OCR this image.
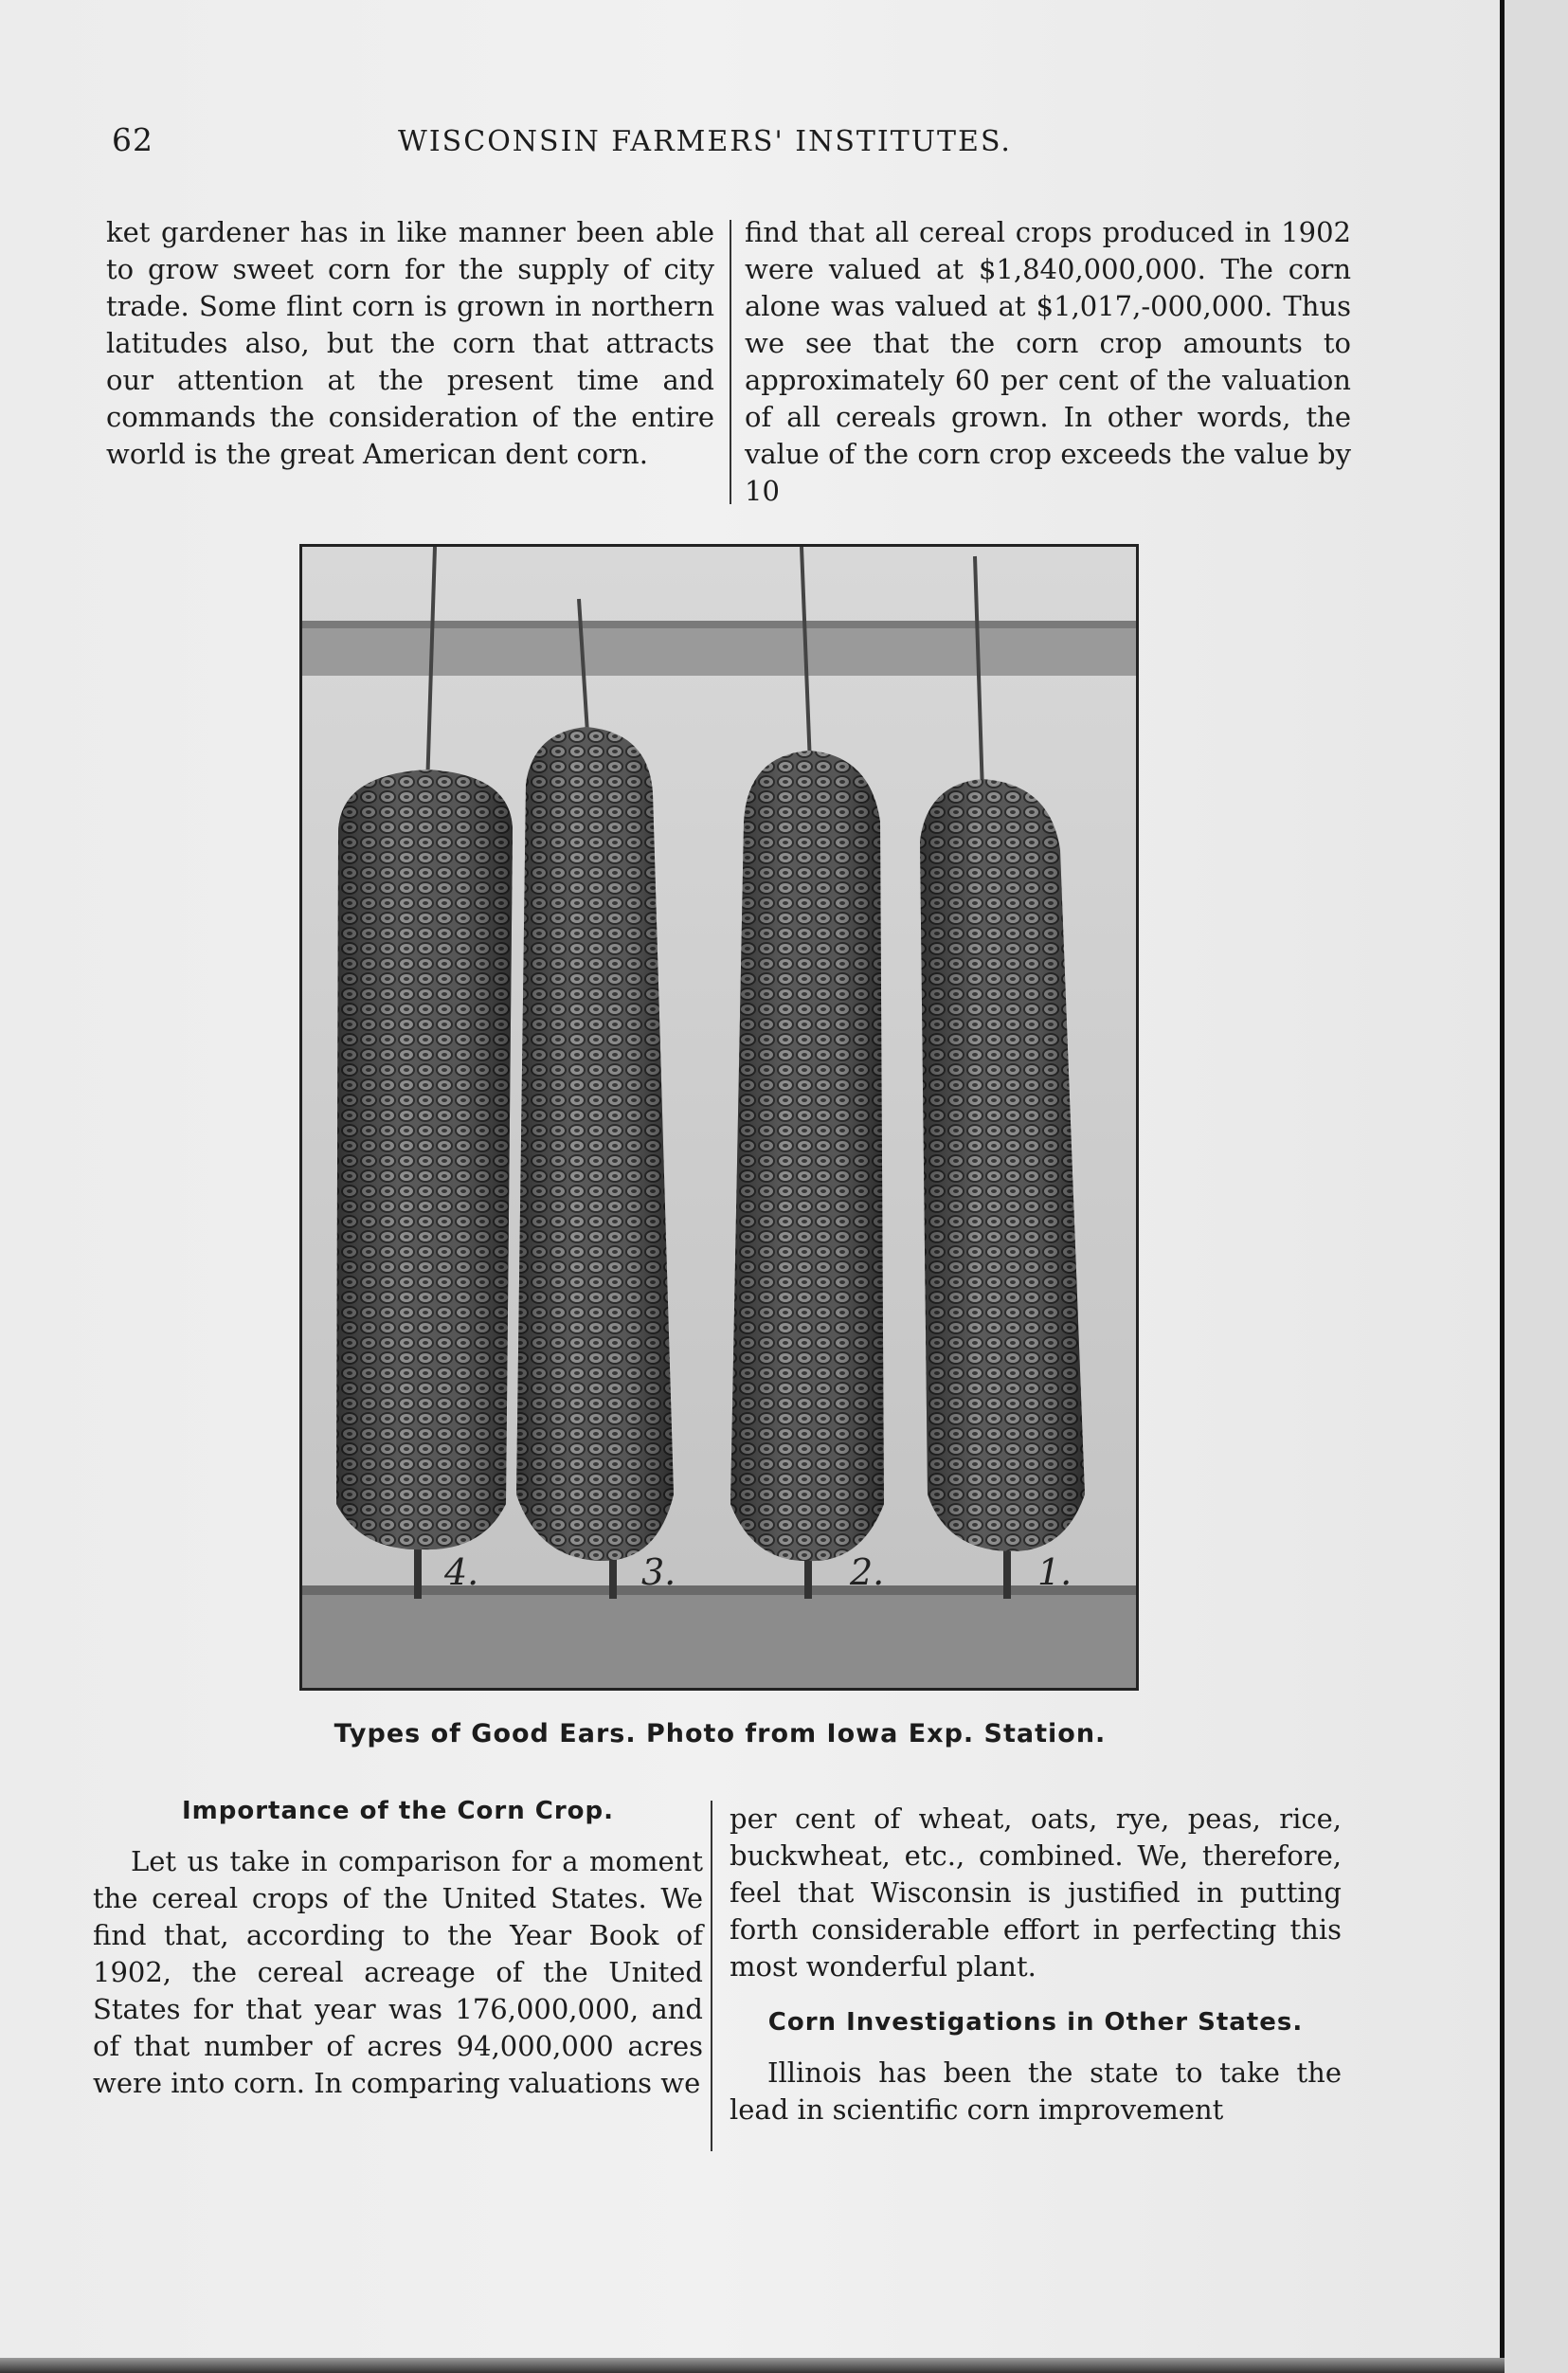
62	WISCONSIN FARMERS' INSTITUTES.

ket gardener has in like manner been able to grow sweet corn for the supply of city trade. Some flint corn is grown in northern latitudes also, but the corn that attracts our attention at the present time and commands the consideration of the entire world is the great American dent corn.

find that all cereal crops produced in 1902 were valued at $1,840,000,000. The corn alone was valued at $1,017,-000,000. Thus we see that the corn crop amounts to approximately 60 per cent of the valuation of all cereals grown. In other words, the value of the corn crop exceeds the value by 10

4.	3.	2.	1.
Types of Good Ears. Photo from Iowa Exp. Station.
Importance of the Corn Crop.

Let us take in comparison for a moment the cereal crops of the United States. We find that, according to the Year Book of 1902, the cereal acreage of the United States for that year was 176,000,000, and of that number of acres 94,000,000 acres were into corn. In comparing valuations we

per cent of wheat, oats, rye, peas, rice, buckwheat, etc., combined. We, therefore, feel that Wisconsin is justified in putting forth considerable effort in perfecting this most wonderful plant.

Corn Investigations in Other States.

Illinois has been the state to take the lead in scientific corn improvement
